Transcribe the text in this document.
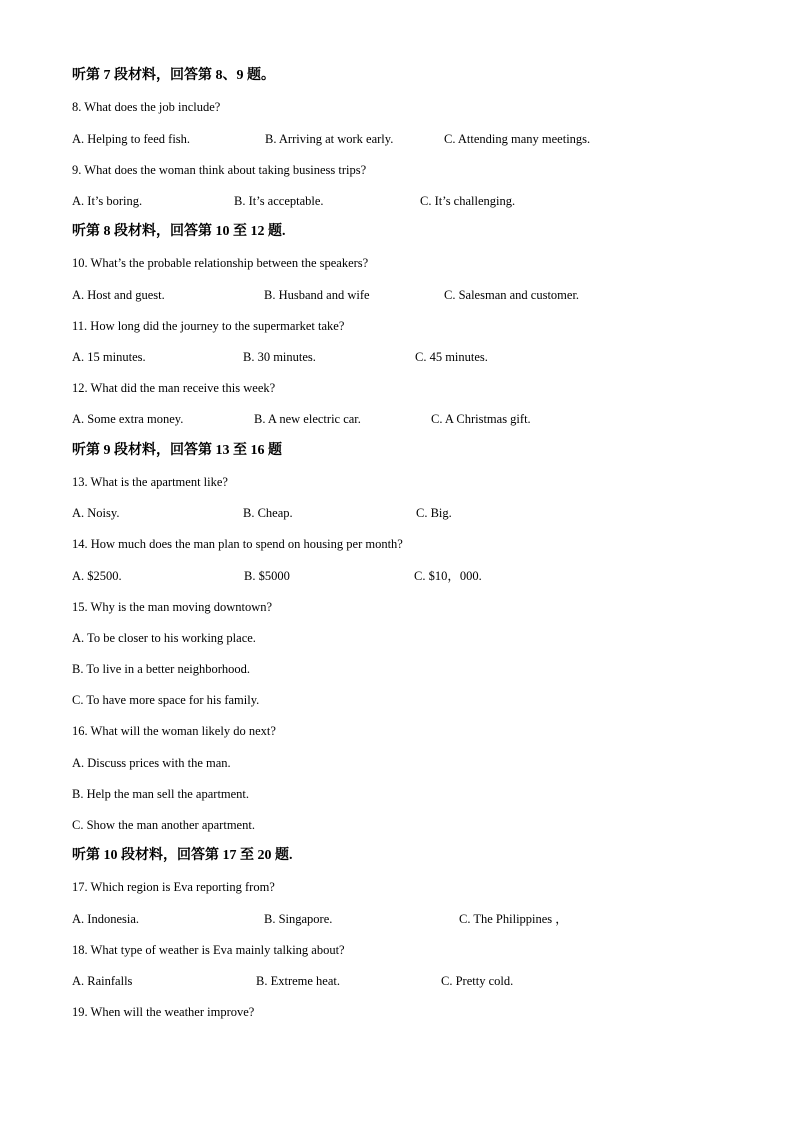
听第 7 段材料，回答第 8、9 题。
8. What does the job include?
A. Helping to feed fish.	B. Arriving at work early.	C. Attending many meetings.
9. What does the woman think about taking business trips?
A. It’s boring.	B. It’s acceptable.	C. It’s challenging.
听第 8 段材料，回答第 10 至 12 题.
10. What’s the probable relationship between the speakers?
A. Host and guest.	B. Husband and wife	C. Salesman and customer.
11. How long did the journey to the supermarket take?
A. 15 minutes.	B. 30 minutes.	C. 45 minutes.
12. What did the man receive this week?
A. Some extra money.	B. A new electric car.	C. A Christmas gift.
听第 9 段材料，回答第 13 至 16 题
13. What is the apartment like?
A. Noisy.	B. Cheap.	C. Big.
14. How much does the man plan to spend on housing per month?
A. $2500.	B. $5000	C. $10，000.
15. Why is the man moving downtown?
A. To be closer to his working place.
B. To live in a better neighborhood.
C. To have more space for his family.
16. What will the woman likely do next?
A. Discuss prices with the man.
B. Help the man sell the apartment.
C. Show the man another apartment.
听第 10 段材料，回答第 17 至 20 题.
17. Which region is Eva reporting from?
A. Indonesia.	B. Singapore.	C. The Philippines ，
18. What type of weather is Eva mainly talking about?
A. Rainfalls	B. Extreme heat.	C. Pretty cold.
19. When will the weather improve?
